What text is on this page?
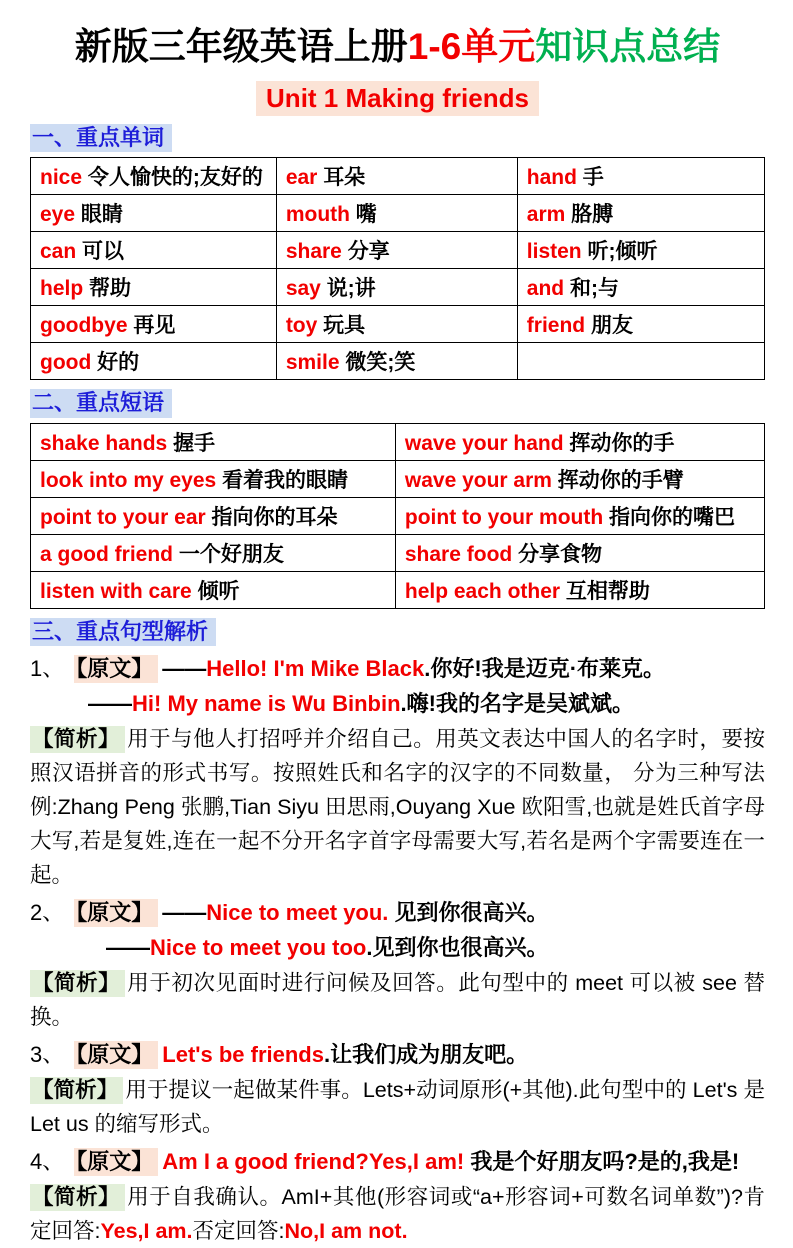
新版三年级英语上册1-6单元知识点总结
Unit 1 Making friends
一、重点单词
nice 令人愉快的;友好的	ear 耳朵	hand 手
eye 眼睛	mouth 嘴	arm 胳膊
can 可以	share 分享	listen 听;倾听
help 帮助	say 说;讲	and 和;与
goodbye 再见	toy 玩具	friend 朋友
good 好的	smile 微笑;笑	
二、重点短语
shake hands 握手	wave your hand 挥动你的手
look into my eyes 看着我的眼睛	wave your arm 挥动你的手臂
point to your ear 指向你的耳朵	point to your mouth 指向你的嘴巴
a good friend 一个好朋友	share food 分享食物
listen with care 倾听	help each other 互相帮助
三、重点句型解析
1、 【原文】 ——Hello! I'm Mike Black.你好!我是迈克·布莱克。
——Hi! My name is Wu Binbin.嗨!我的名字是吴斌斌。
【简析】 用于与他人打招呼并介绍自己。用英文表达中国人的名字时，要按照汉语拼音的形式书写。按照姓氏和名字的汉字的不同数量， 分为三种写法例:Zhang Peng 张鹏,Tian Siyu 田思雨,Ouyang Xue 欧阳雪,也就是姓氏首字母大写,若是复姓,连在一起不分开名字首字母需要大写,若名是两个字需要连在一起。
2、 【原文】 ——Nice to meet you. 见到你很高兴。
——Nice to meet you too.见到你也很高兴。
【简析】 用于初次见面时进行问候及回答。此句型中的 meet 可以被 see 替换。
3、 【原文】 Let's be friends.让我们成为朋友吧。
【简析】 用于提议一起做某件事。Lets+动词原形(+其他).此句型中的 Let's 是 Let us 的缩写形式。
4、 【原文】 Am I a good friend?Yes,I am! 我是个好朋友吗?是的,我是!
【简析】 用于自我确认。AmI+其他(形容词或“a+形容词+可数名词单数”)?肯定回答:Yes,I am.否定回答:No,I am not.
